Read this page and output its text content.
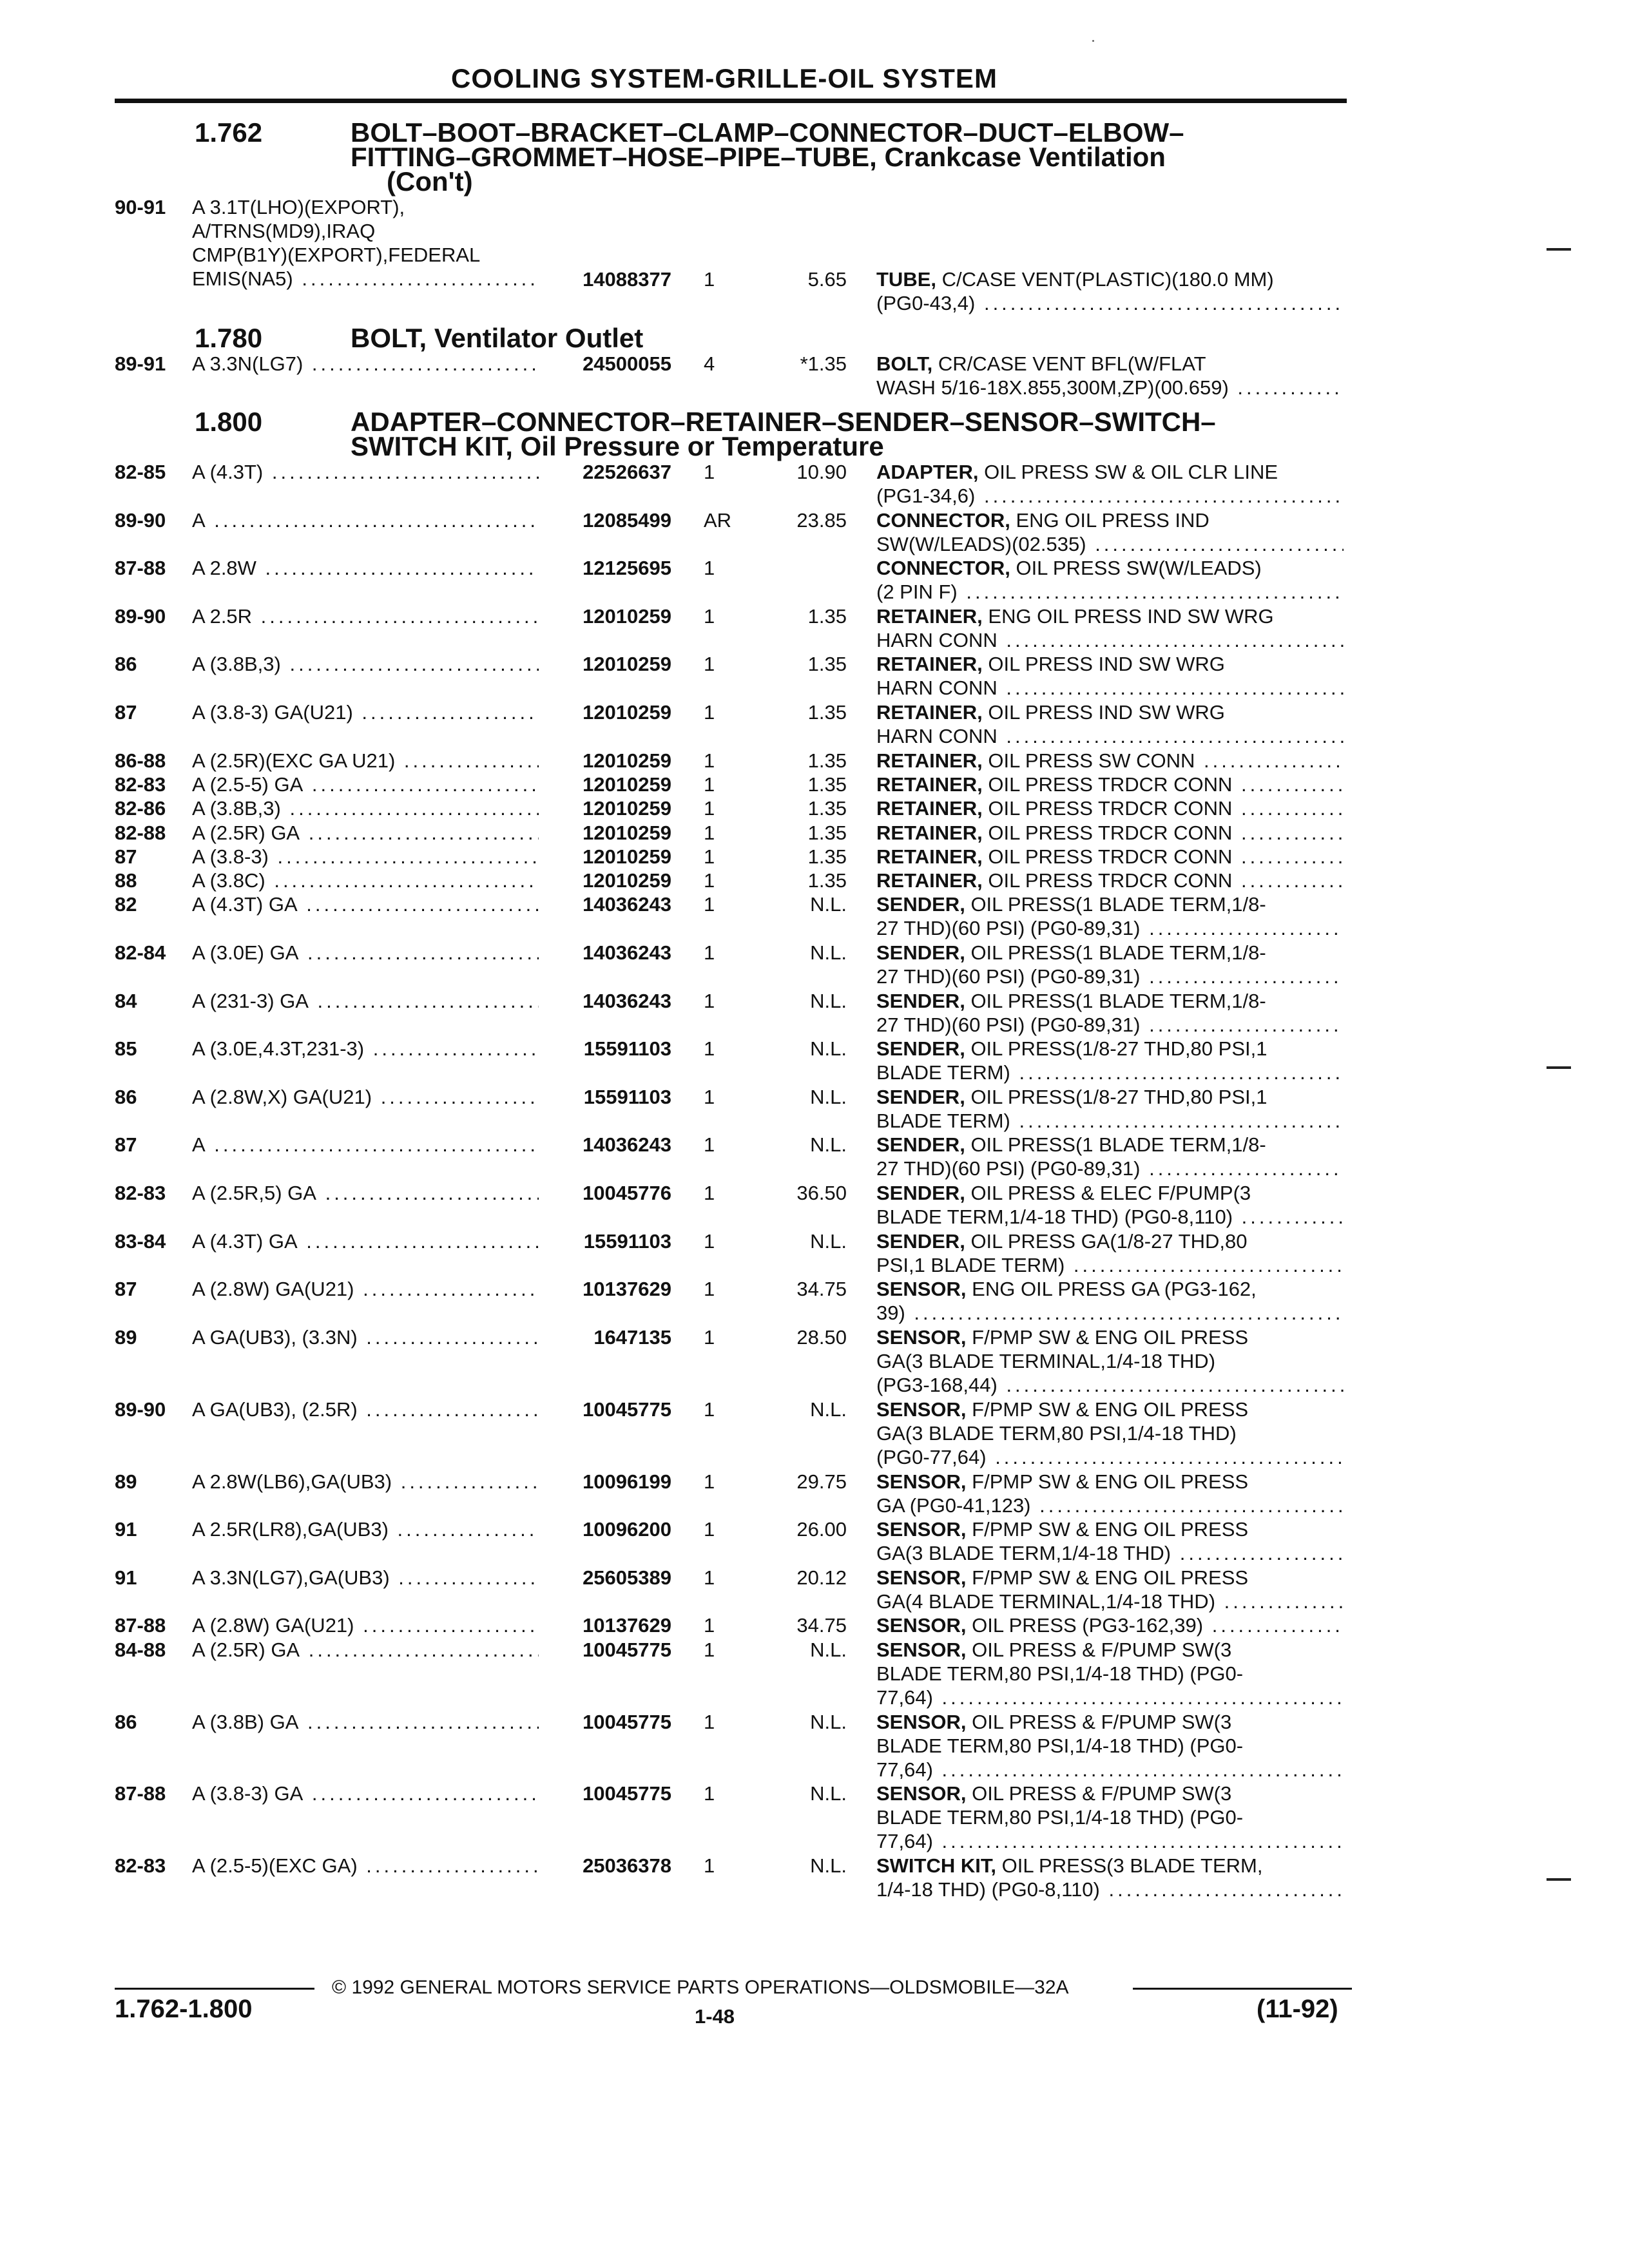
COOLING SYSTEM-GRILLE-OIL SYSTEM
1.762	BOLT–BOOT–BRACKET–CLAMP–CONNECTOR–DUCT–ELBOW–
FITTING–GROMMET–HOSE–PIPE–TUBE, Crankcase Ventilation
(Con't)
90-91 A 3.1T(LHO)(EXPORT),
A/TRNS(MD9),IRAQ
CMP(B1Y)(EXPORT),FEDERAL
EMIS(NA5) .....	14088377 1	5.65 TUBE, C/CASE VENT(PLASTIC)(180.0 MM)
(PG0-43,4) .....
1.780	BOLT, Ventilator Outlet
89-91 A 3.3N(LG7) .....	24500055 4	*1.35 BOLT, CR/CASE VENT BFL(W/FLAT
WASH 5/16-18X.855,300M,ZP)(00.659) .....
1.800	ADAPTER–CONNECTOR–RETAINER–SENDER–SENSOR–SWITCH–
SWITCH KIT, Oil Pressure or Temperature
82-85 A (4.3T) .....	22526637 1	10.90 ADAPTER, OIL PRESS SW & OIL CLR LINE
(PG1-34,6) .....
89-90 A .....	12085499 AR	23.85 CONNECTOR, ENG OIL PRESS IND
SW(W/LEADS)(02.535) .....
87-88 A 2.8W .....	12125695 1	CONNECTOR, OIL PRESS SW(W/LEADS)
(2 PIN F) .....
89-90 A 2.5R .....	12010259 1	1.35 RETAINER, ENG OIL PRESS IND SW WRG
HARN CONN .....
86	A (3.8B,3) .....	12010259 1	1.35 RETAINER, OIL PRESS IND SW WRG
HARN CONN .....
87	A (3.8-3) GA(U21) .....	12010259 1	1.35 RETAINER, OIL PRESS IND SW WRG
HARN CONN .....
86-88 A (2.5R)(EXC GA U21) .....	12010259 1	1.35 RETAINER, OIL PRESS SW CONN .....
82-83 A (2.5-5) GA .....	12010259 1	1.35 RETAINER, OIL PRESS TRDCR CONN .....
82-86 A (3.8B,3) .....	12010259 1	1.35 RETAINER, OIL PRESS TRDCR CONN .....
82-88 A (2.5R) GA .....	12010259 1	1.35 RETAINER, OIL PRESS TRDCR CONN .....
87	A (3.8-3) .....	12010259 1	1.35 RETAINER, OIL PRESS TRDCR CONN .....
88	A (3.8C) .....	12010259 1	1.35 RETAINER, OIL PRESS TRDCR CONN .....
82	A (4.3T) GA .....	14036243 1	N.L. SENDER, OIL PRESS(1 BLADE TERM,1/8-
27 THD)(60 PSI) (PG0-89,31) .....
82-84 A (3.0E) GA .....	14036243 1	N.L. SENDER, OIL PRESS(1 BLADE TERM,1/8-
27 THD)(60 PSI) (PG0-89,31) .....
84	A (231-3) GA .....	14036243 1	N.L. SENDER, OIL PRESS(1 BLADE TERM,1/8-
27 THD)(60 PSI) (PG0-89,31) .....
85	A (3.0E,4.3T,231-3) .....	15591103 1	N.L. SENDER, OIL PRESS(1/8-27 THD,80 PSI,1
BLADE TERM) .....
86	A (2.8W,X) GA(U21) .....	15591103 1	N.L. SENDER, OIL PRESS(1/8-27 THD,80 PSI,1
BLADE TERM) .....
87	A .....	14036243 1	N.L. SENDER, OIL PRESS(1 BLADE TERM,1/8-
27 THD)(60 PSI) (PG0-89,31) .....
82-83 A (2.5R,5) GA .....	10045776 1	36.50 SENDER, OIL PRESS & ELEC F/PUMP(3
BLADE TERM,1/4-18 THD) (PG0-8,110) .....
83-84 A (4.3T) GA .....	15591103 1	N.L. SENDER, OIL PRESS GA(1/8-27 THD,80
PSI,1 BLADE TERM) .....
87	A (2.8W) GA(U21) .....	10137629 1	34.75 SENSOR, ENG OIL PRESS GA (PG3-162,
39) .....
89	A GA(UB3), (3.3N) .....	1647135 1	28.50 SENSOR, F/PMP SW & ENG OIL PRESS
GA(3 BLADE TERMINAL,1/4-18 THD)
(PG3-168,44) .....
89-90 A GA(UB3), (2.5R) .....	10045775 1	N.L. SENSOR, F/PMP SW & ENG OIL PRESS
GA(3 BLADE TERM,80 PSI,1/4-18 THD)
(PG0-77,64) .....
89	A 2.8W(LB6),GA(UB3) .....	10096199 1	29.75 SENSOR, F/PMP SW & ENG OIL PRESS
GA (PG0-41,123) .....
91	A 2.5R(LR8),GA(UB3) .....	10096200 1	26.00 SENSOR, F/PMP SW & ENG OIL PRESS
GA(3 BLADE TERM,1/4-18 THD) .....
91	A 3.3N(LG7),GA(UB3) .....	25605389 1	20.12 SENSOR, F/PMP SW & ENG OIL PRESS
GA(4 BLADE TERMINAL,1/4-18 THD) .....
87-88 A (2.8W) GA(U21) .....	10137629 1	34.75 SENSOR, OIL PRESS (PG3-162,39) .....
84-88 A (2.5R) GA .....	10045775 1	N.L. SENSOR, OIL PRESS & F/PUMP SW(3
BLADE TERM,80 PSI,1/4-18 THD) (PG0-
77,64) .....
86	A (3.8B) GA .....	10045775 1	N.L. SENSOR, OIL PRESS & F/PUMP SW(3
BLADE TERM,80 PSI,1/4-18 THD) (PG0-
77,64) .....
87-88 A (3.8-3) GA .....	10045775 1	N.L. SENSOR, OIL PRESS & F/PUMP SW(3
BLADE TERM,80 PSI,1/4-18 THD) (PG0-
77,64) .....
82-83 A (2.5-5)(EXC GA) .....	25036378 1	N.L. SWITCH KIT, OIL PRESS(3 BLADE TERM,
1/4-18 THD) (PG0-8,110) .....
© 1992 GENERAL MOTORS SERVICE PARTS OPERATIONS—OLDSMOBILE—32A
1.762-1.800	1-48	(11-92)
